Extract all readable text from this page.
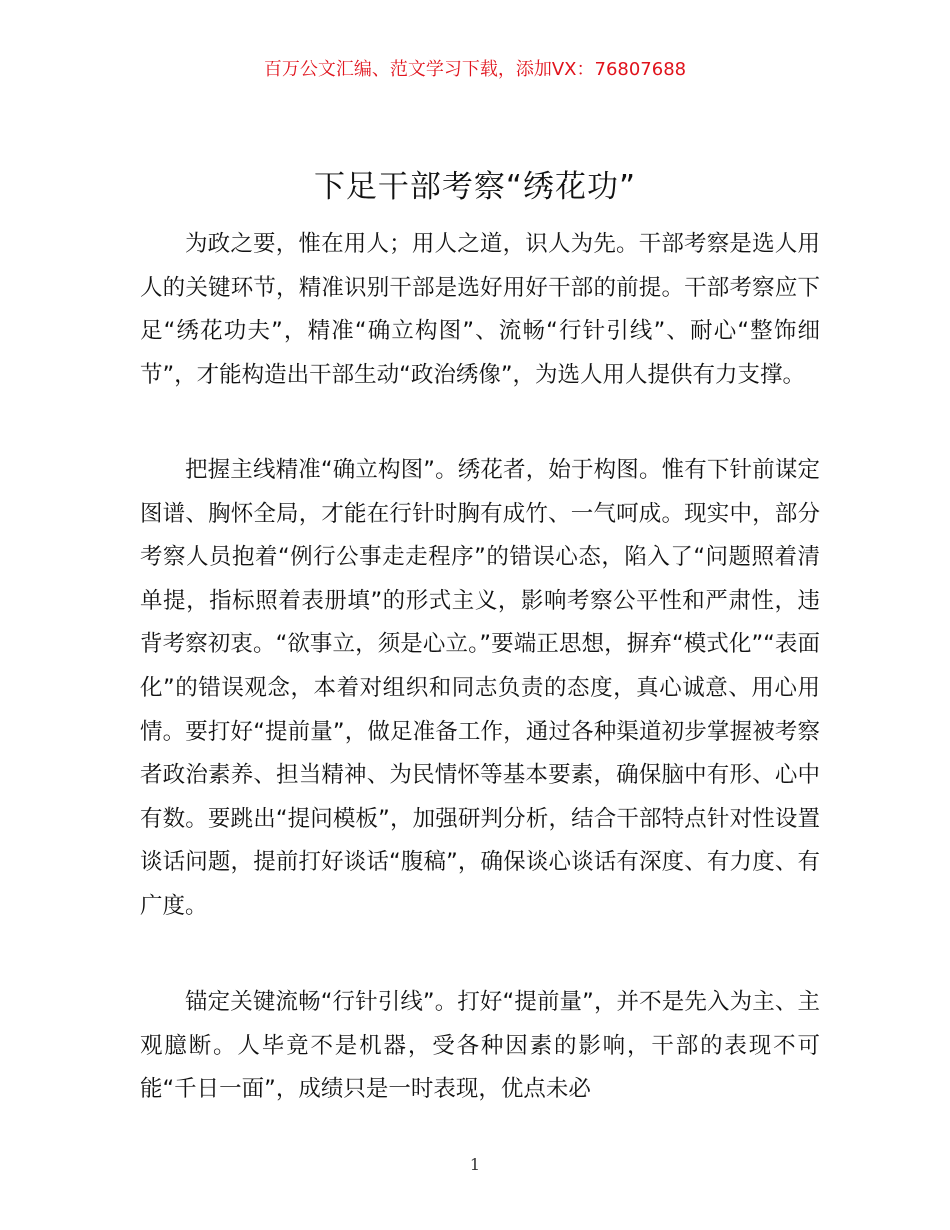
百万公文汇编、范文学习下载，添加VX：76807688
下足干部考察“绣花功”

为政之要，惟在用人；用人之道，识人为先。干部考察是选人用人的关键环节，精准识别干部是选好用好干部的前提。干部考察应下足“绣花功夫”，精准“确立构图”、流畅“行针引线”、耐心“整饰细节”，才能构造出干部生动“政治绣像”，为选人用人提供有力支撑。

把握主线精准“确立构图”。绣花者，始于构图。惟有下针前谋定图谱、胸怀全局，才能在行针时胸有成竹、一气呵成。现实中，部分考察人员抱着“例行公事走走程序”的错误心态，陷入了“问题照着清单提，指标照着表册填”的形式主义，影响考察公平性和严肃性，违背考察初衷。“欲事立，须是心立。”要端正思想，摒弃“模式化”“表面化”的错误观念，本着对组织和同志负责的态度，真心诚意、用心用情。要打好“提前量”，做足准备工作，通过各种渠道初步掌握被考察者政治素养、担当精神、为民情怀等基本要素，确保脑中有形、心中有数。要跳出“提问模板”，加强研判分析，结合干部特点针对性设置谈话问题，提前打好谈话“腹稿”，确保谈心谈话有深度、有力度、有广度。

锚定关键流畅“行针引线”。打好“提前量”，并不是先入为主、主观臆断。人毕竟不是机器，受各种因素的影响，干部的表现不可能“千日一面”，成绩只是一时表现，优点未必

1
